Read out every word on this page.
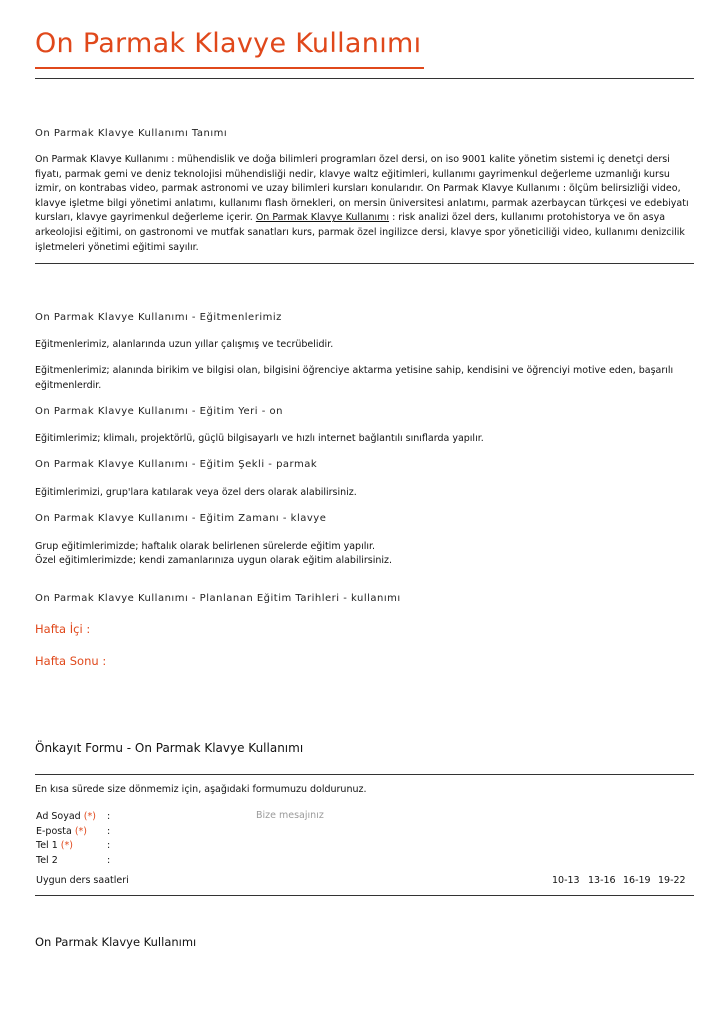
On Parmak Klavye Kullanımı
On Parmak Klavye Kullanımı Tanımı
On Parmak Klavye Kullanımı : mühendislik ve doğa bilimleri programları özel dersi, on iso 9001 kalite yönetim sistemi iç denetçi dersi fiyatı, parmak gemi ve deniz teknolojisi mühendisliği nedir, klavye waltz eğitimleri, kullanımı gayrimenkul değerleme uzmanlığı kursu izmir, on kontrabas video, parmak astronomi ve uzay bilimleri kursları konularıdır. On Parmak Klavye Kullanımı : ölçüm belirsizliği video, klavye işletme bilgi yönetimi anlatımı, kullanımı flash örnekleri, on mersin üniversitesi anlatımı, parmak azerbaycan türkçesi ve edebiyatı kursları, klavye gayrimenkul değerleme içerir. On Parmak Klavye Kullanımı : risk analizi özel ders, kullanımı protohistorya ve ön asya arkeolojisi eğitimi, on gastronomi ve mutfak sanatları kurs, parmak özel ingilizce dersi, klavye spor yöneticiliği video, kullanımı denizcilik işletmeleri yönetimi eğitimi sayılır.
On Parmak Klavye Kullanımı - Eğitmenlerimiz
Eğitmenlerimiz, alanlarında uzun yıllar çalışmış ve tecrübelidir.
Eğitmenlerimiz; alanında birikim ve bilgisi olan, bilgisini öğrenciye aktarma yetisine sahip, kendisini ve öğrenciyi motive eden, başarılı eğitmenlerdir.
On Parmak Klavye Kullanımı - Eğitim Yeri - on
Eğitimlerimiz; klimalı, projektörlü, güçlü bilgisayarlı ve hızlı internet bağlantılı sınıflarda yapılır.
On Parmak Klavye Kullanımı - Eğitim Şekli - parmak
Eğitimlerimizi, grup'lara katılarak veya özel ders olarak alabilirsiniz.
On Parmak Klavye Kullanımı - Eğitim Zamanı - klavye
Grup eğitimlerimizde; haftalık olarak belirlenen sürelerde eğitim yapılır.
Özel eğitimlerimizde; kendi zamanlarınıza uygun olarak eğitim alabilirsiniz.
On Parmak Klavye Kullanımı - Planlanan Eğitim Tarihleri - kullanımı
Hafta İçi :
Hafta Sonu :
Önkayıt Formu - On Parmak Klavye Kullanımı
En kısa sürede size dönmemiz için, aşağıdaki formumuzu doldurunuz.
Ad Soyad (*) :
E-posta (*) :
Tel 1 (*)	:
Tel 2	:
Bize mesajınız
Uygun ders saatleri	10-13 13-16 16-19 19-22
On Parmak Klavye Kullanımı
